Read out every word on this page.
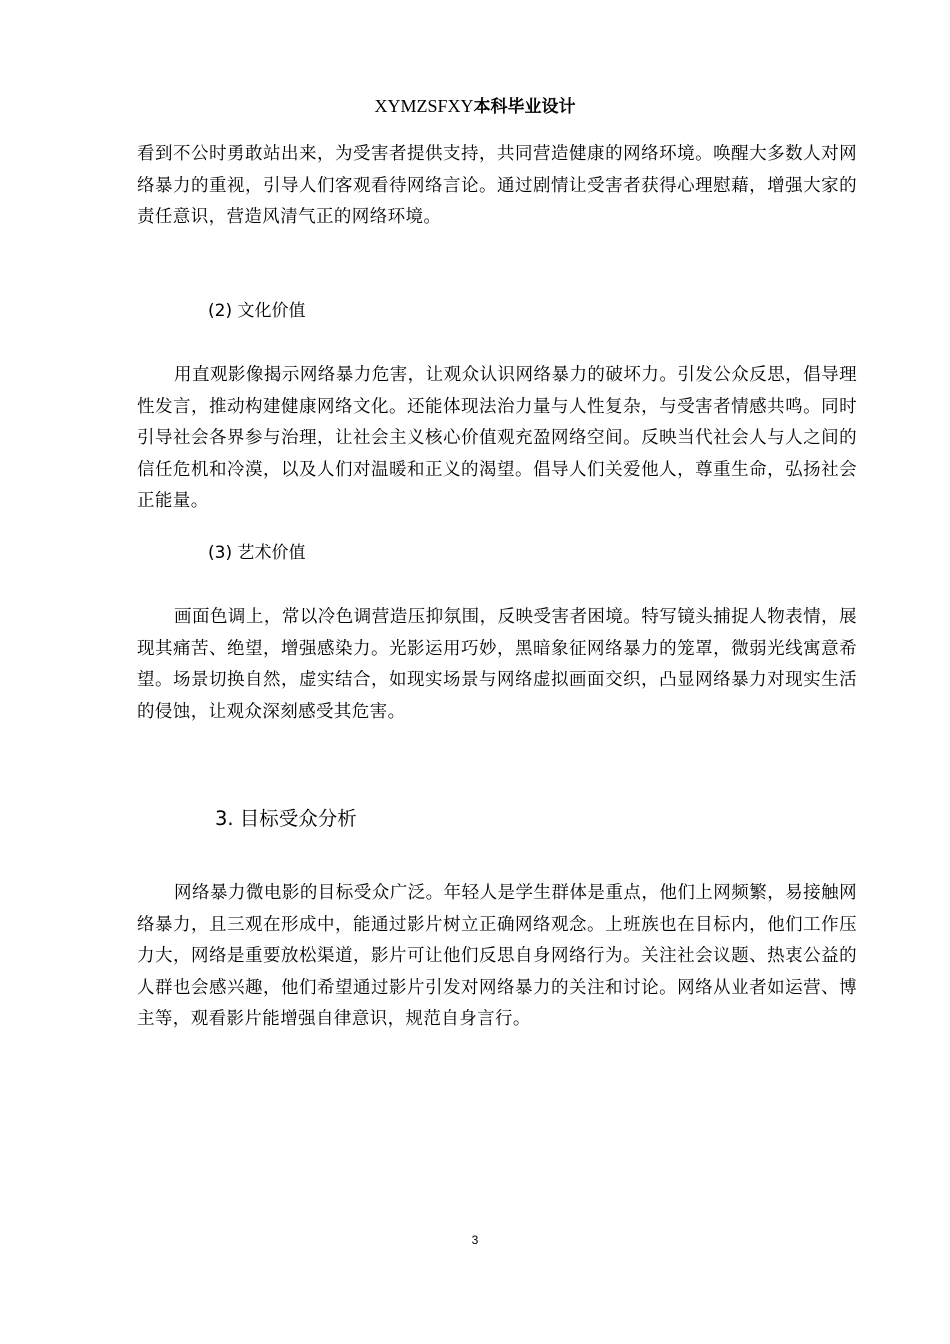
XYMZSFXY本科毕业设计
看到不公时勇敢站出来，为受害者提供支持，共同营造健康的网络环境。唤醒大多数人对网络暴力的重视，引导人们客观看待网络言论。通过剧情让受害者获得心理慰藉，增强大家的责任意识，营造风清气正的网络环境。
(2) 文化价值
用直观影像揭示网络暴力危害，让观众认识网络暴力的破坏力。引发公众反思，倡导理性发言，推动构建健康网络文化。还能体现法治力量与人性复杂，与受害者情感共鸣。同时引导社会各界参与治理，让社会主义核心价值观充盈网络空间。反映当代社会人与人之间的信任危机和冷漠，以及人们对温暖和正义的渴望。倡导人们关爱他人，尊重生命，弘扬社会正能量。
(3) 艺术价值
画面色调上，常以冷色调营造压抑氛围，反映受害者困境。特写镜头捕捉人物表情，展现其痛苦、绝望，增强感染力。光影运用巧妙，黑暗象征网络暴力的笼罩，微弱光线寓意希望。场景切换自然，虚实结合，如现实场景与网络虚拟画面交织，凸显网络暴力对现实生活的侵蚀，让观众深刻感受其危害。
3. 目标受众分析
网络暴力微电影的目标受众广泛。年轻人是学生群体是重点，他们上网频繁，易接触网络暴力，且三观在形成中，能通过影片树立正确网络观念。上班族也在目标内，他们工作压力大，网络是重要放松渠道，影片可让他们反思自身网络行为。关注社会议题、热衷公益的人群也会感兴趣，他们希望通过影片引发对网络暴力的关注和讨论。网络从业者如运营、博主等，观看影片能增强自律意识，规范自身言行。
3
